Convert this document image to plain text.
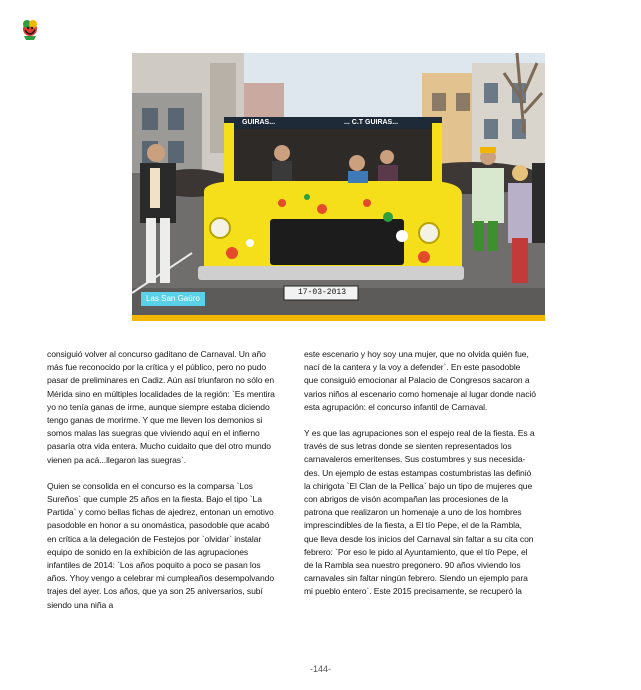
GUIRAS...	... C.T GUIRAS...
17-03-2013
Las San Gaúro

consiguió volver al concurso gaditano de Carnaval. Un año más fue reconocido por la crítica y el público, pero no pudo pasar de preliminares en Cadiz. Aún así triunfaron no sólo en Mérida sino en múltiples localidades de la región: `Es mentira yo no tenía ganas de irme, aunque siempre estaba diciendo tengo ganas de morirme. Y que me lleven los demonios si somos malas las suegras que viviendo aquí en el infierno pasaría otra vida entera. Mucho cuidaito que del otro mundo vienen pa acá...llegaron las suegras`.

Quien se consolida en el concurso es la comparsa `Los Sureños` que cumple 25 años en la fiesta. Bajo el tipo `La Partida` y como bellas fichas de ajedrez, entonan un emotivo pasodoble en honor a su onomástica, pasodoble que acabó en crítica a la delegación de Festejos por `olvidar` instalar equipo de sonido en la exhibición de las agrupaciones infantiles de 2014: `Los años poquito a poco se pasan los años. Yhoy vengo a celebrar mi cumpleaños desempolvando trajes del ayer. Los años, que ya son 25 aniversarios, subí siendo una niña a

este escenario y hoy soy una mujer, que no olvida quién fue, nací de la cantera y la voy a defender`. En este pasodoble que consiguió emocionar al Palacio de Congresos sacaron a varios niños al escenario como homenaje al lugar donde nació esta agrupación: el concurso infantil de Carnaval.

Y es que las agrupaciones son el espejo real de la fiesta. Es a través de sus letras donde se sienten representados los carnavaleros emeritenses. Sus costumbres y sus necesida-des. Un ejemplo de estas estampas costumbristas las definió la chirigota `El Clan de la Pellica` bajo un tipo de mujeres que con abrigos de visón acompañan las procesiones de la patrona que realizaron un homenaje a uno de los hombres imprescindibles de la fiesta, a El tío Pepe, el de la Rambla, que lleva desde los inicios del Carnaval sin faltar a su cita con febrero: `Por eso le pido al Ayuntamiento, que el tío Pepe, el de la Rambla sea nuestro pregonero. 90 años viviendo los carnavales sin faltar ningún febrero. Siendo un ejemplo para mi pueblo entero`. Este 2015 precisamente, se recuperó la

-144-
